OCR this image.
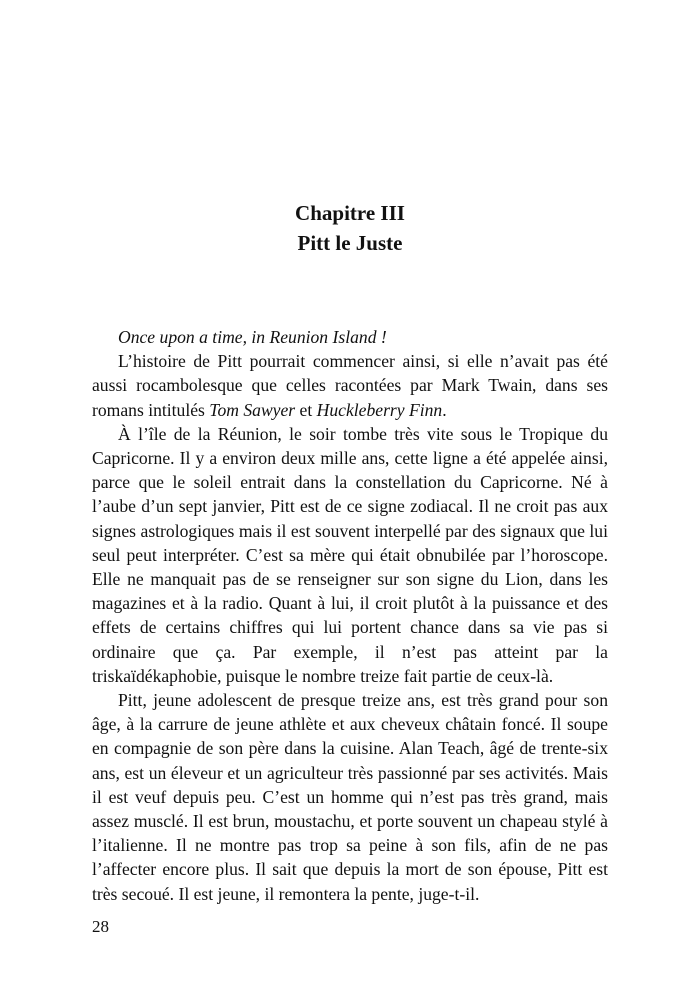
Chapitre III
Pitt le Juste

Once upon a time, in Reunion Island !

L’histoire de Pitt pourrait commencer ainsi, si elle n’avait pas été aussi rocambolesque que celles racontées par Mark Twain, dans ses romans intitulés Tom Sawyer et Huckleberry Finn.

À l’île de la Réunion, le soir tombe très vite sous le Tropique du Capricorne. Il y a environ deux mille ans, cette ligne a été appelée ainsi, parce que le soleil entrait dans la constellation du Capricorne. Né à l’aube d’un sept janvier, Pitt est de ce signe zodiacal. Il ne croit pas aux signes astrologiques mais il est souvent interpellé par des signaux que lui seul peut interpréter. C’est sa mère qui était obnubilée par l’horoscope. Elle ne manquait pas de se renseigner sur son signe du Lion, dans les magazines et à la radio. Quant à lui, il croit plutôt à la puissance et des effets de certains chiffres qui lui portent chance dans sa vie pas si ordinaire que ça. Par exemple, il n’est pas atteint par la triskaïdékaphobie, puisque le nombre treize fait partie de ceux-là.

Pitt, jeune adolescent de presque treize ans, est très grand pour son âge, à la carrure de jeune athlète et aux cheveux châtain foncé. Il soupe en compagnie de son père dans la cuisine. Alan Teach, âgé de trente-six ans, est un éleveur et un agriculteur très passionné par ses activités. Mais il est veuf depuis peu. C’est un homme qui n’est pas très grand, mais assez musclé. Il est brun, moustachu, et porte souvent un chapeau stylé à l’italienne. Il ne montre pas trop sa peine à son fils, afin de ne pas l’affecter encore plus. Il sait que depuis la mort de son épouse, Pitt est très secoué. Il est jeune, il remontera la pente, juge-t-il.

28
